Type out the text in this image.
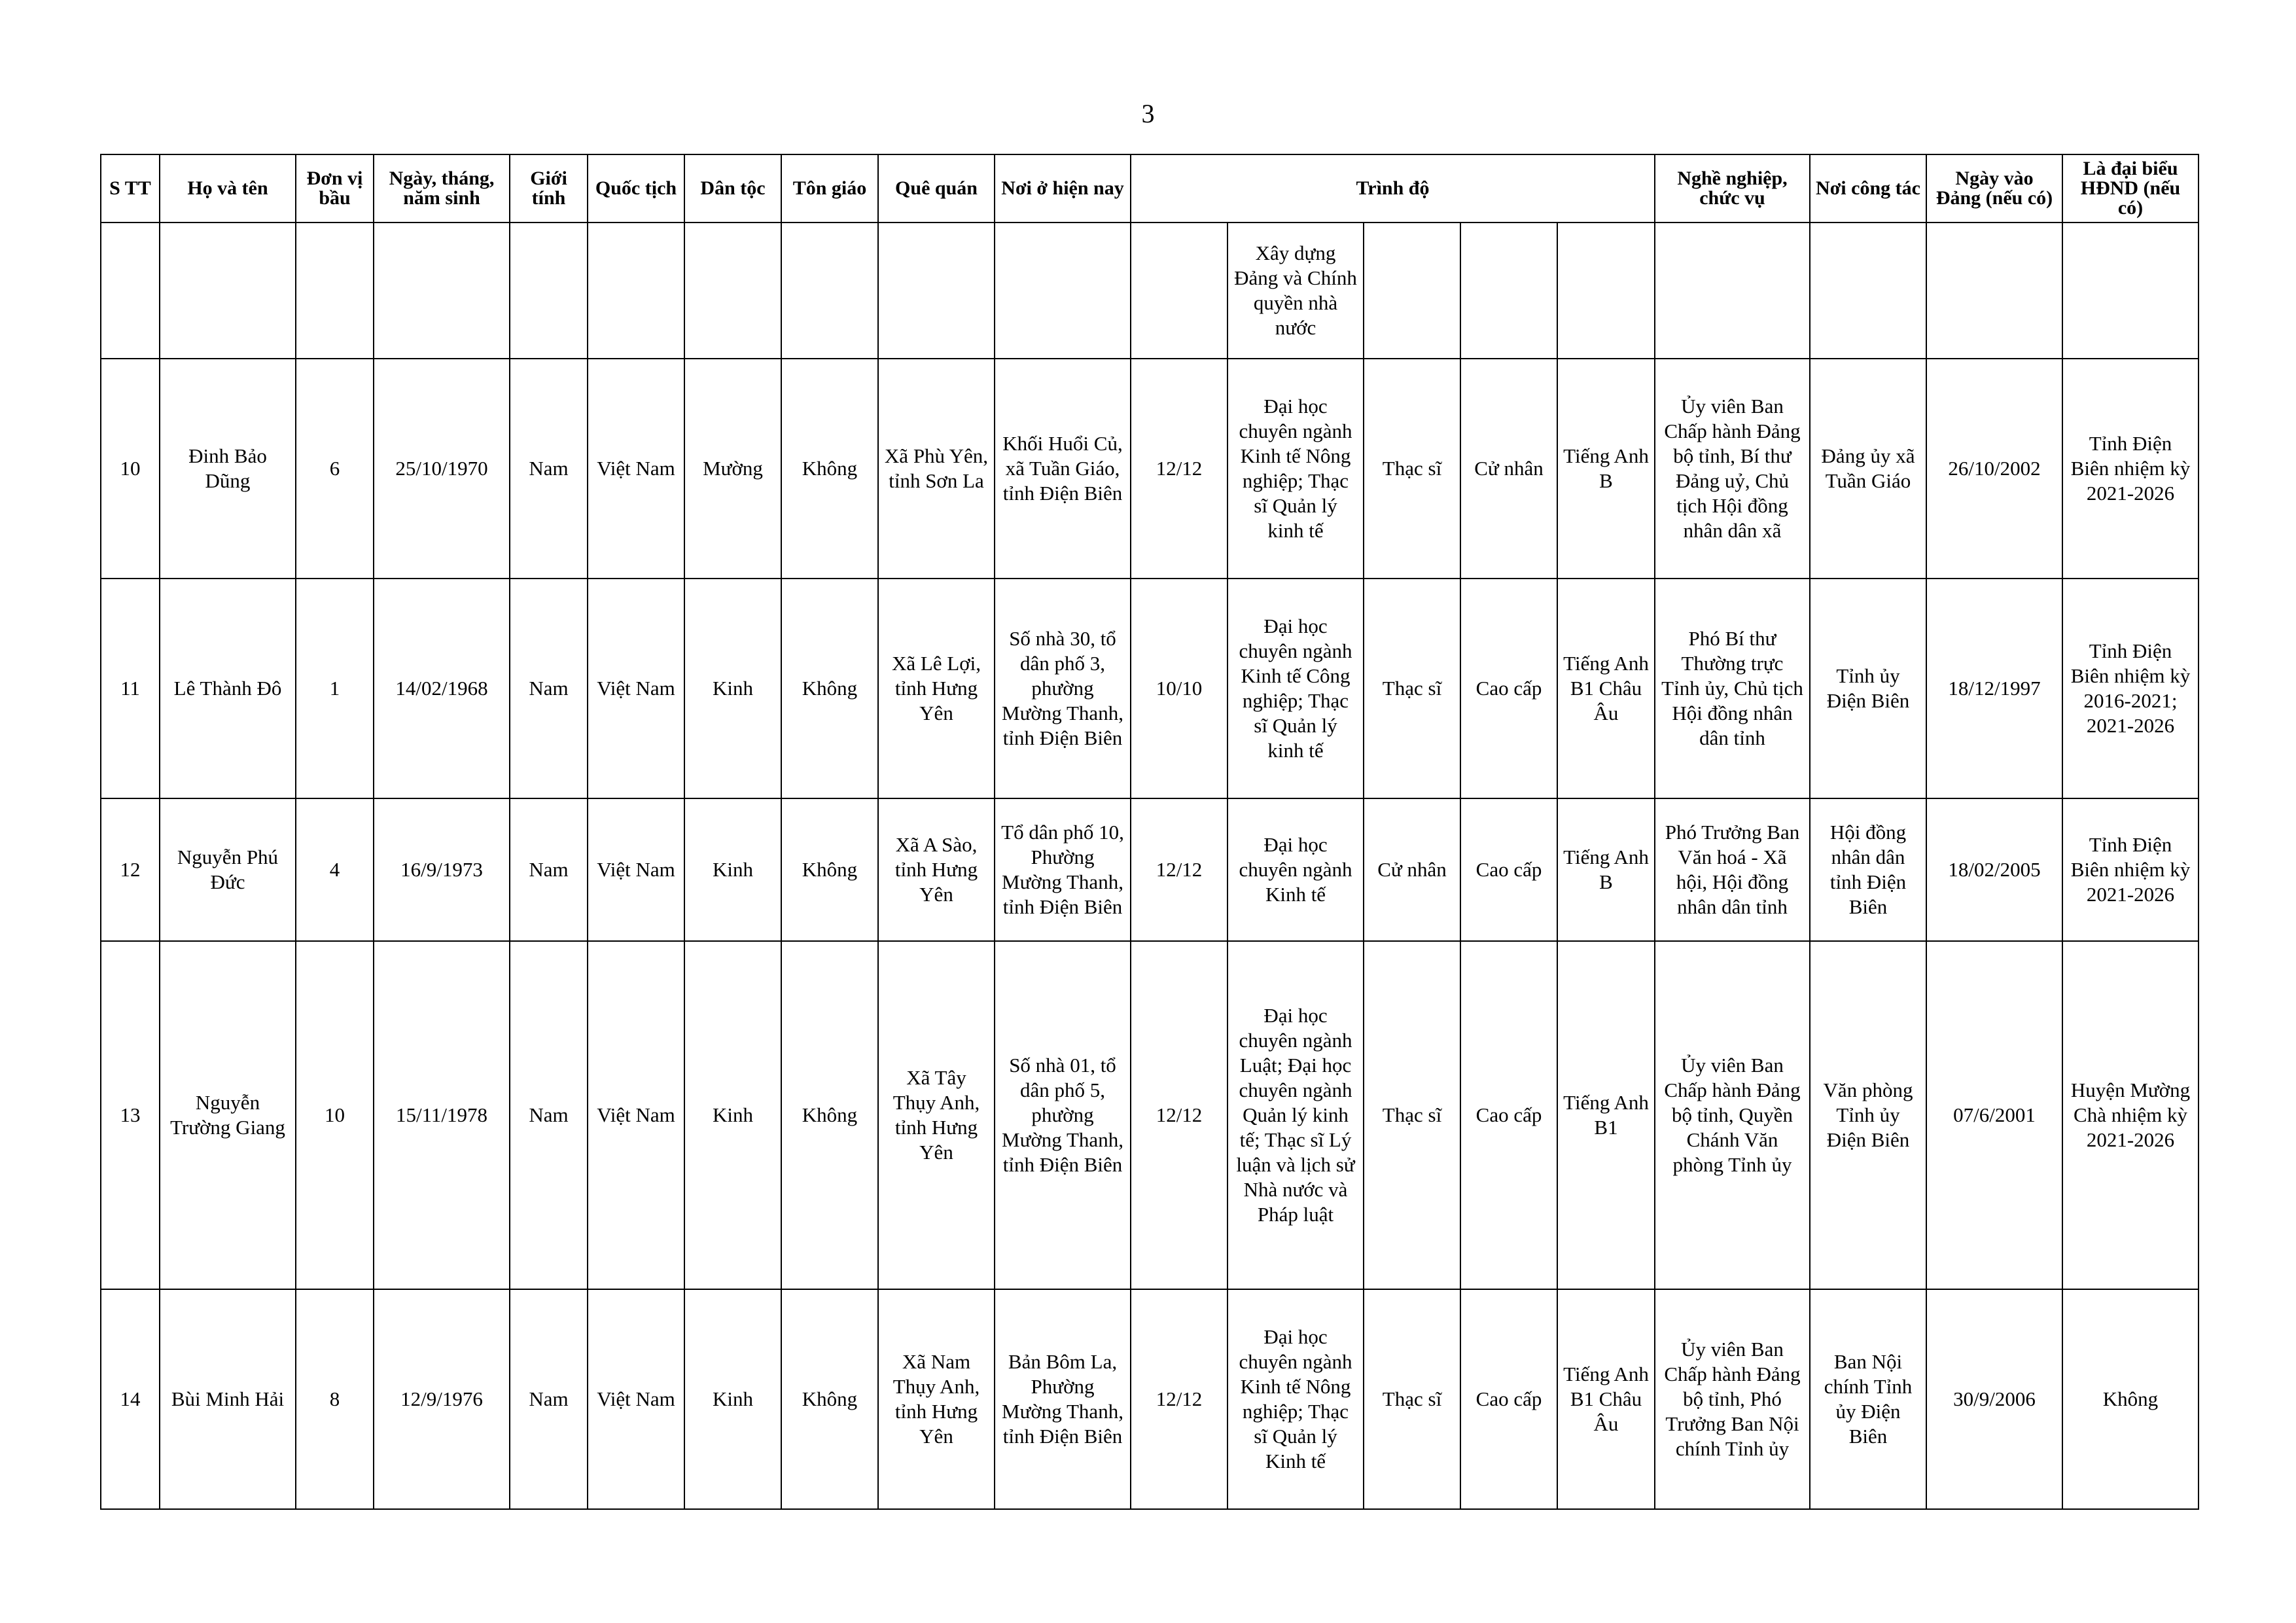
3
S TT	Họ và tên	Đơn vị bầu	Ngày, tháng, năm sinh	Giới tính	Quốc tịch	Dân tộc	Tôn giáo	Quê quán	Nơi ở hiện nay	Trình độ					Nghề nghiệp, chức vụ	Nơi công tác	Ngày vào Đảng (nếu có)	Là đại biểu HĐND (nếu có)
											Xây dựng Đảng và Chính quyền nhà nước							
10	Đinh Bảo Dũng	6	25/10/1970	Nam	Việt Nam	Mường	Không	Xã Phù Yên, tỉnh Sơn La	Khối Huổi Củ, xã Tuần Giáo, tỉnh Điện Biên	12/12	Đại học chuyên ngành Kinh tế Nông nghiệp; Thạc sĩ Quản lý kinh tế	Thạc sĩ	Cử nhân	Tiếng Anh B	Ủy viên Ban Chấp hành Đảng bộ tỉnh, Bí thư Đảng uỷ, Chủ tịch Hội đồng nhân dân xã	Đảng ủy xã Tuần Giáo	26/10/2002	Tỉnh Điện Biên nhiệm kỳ 2021-2026
11	Lê Thành Đô	1	14/02/1968	Nam	Việt Nam	Kinh	Không	Xã Lê Lợi, tỉnh Hưng Yên	Số nhà 30, tổ dân phố 3, phường Mường Thanh, tỉnh Điện Biên	10/10	Đại học chuyên ngành Kinh tế Công nghiệp; Thạc sĩ Quản lý kinh tế	Thạc sĩ	Cao cấp	Tiếng Anh B1 Châu Âu	Phó Bí thư Thường trực Tỉnh ủy, Chủ tịch Hội đồng nhân dân tỉnh	Tỉnh ủy Điện Biên	18/12/1997	Tỉnh Điện Biên nhiệm kỳ 2016-2021; 2021-2026
12	Nguyễn Phú Đức	4	16/9/1973	Nam	Việt Nam	Kinh	Không	Xã A Sào, tỉnh Hưng Yên	Tổ dân phố 10, Phường Mường Thanh, tỉnh Điện Biên	12/12	Đại học chuyên ngành Kinh tế	Cử nhân	Cao cấp	Tiếng Anh B	Phó Trưởng Ban Văn hoá - Xã hội, Hội đồng nhân dân tỉnh	Hội đồng nhân dân tỉnh Điện Biên	18/02/2005	Tỉnh Điện Biên nhiệm kỳ 2021-2026
13	Nguyễn Trường Giang	10	15/11/1978	Nam	Việt Nam	Kinh	Không	Xã Tây Thụy Anh, tỉnh Hưng Yên	Số nhà 01, tổ dân phố 5, phường Mường Thanh, tỉnh Điện Biên	12/12	Đại học chuyên ngành Luật; Đại học chuyên ngành Quản lý kinh tế; Thạc sĩ Lý luận và lịch sử Nhà nước và Pháp luật	Thạc sĩ	Cao cấp	Tiếng Anh B1	Ủy viên Ban Chấp hành Đảng bộ tỉnh, Quyền Chánh Văn phòng Tỉnh ủy	Văn phòng Tỉnh ủy Điện Biên	07/6/2001	Huyện Mường Chà nhiệm kỳ 2021-2026
14	Bùi Minh Hải	8	12/9/1976	Nam	Việt Nam	Kinh	Không	Xã Nam Thụy Anh, tỉnh Hưng Yên	Bản Bôm La, Phường Mường Thanh, tỉnh Điện Biên	12/12	Đại học chuyên ngành Kinh tế Nông nghiệp; Thạc sĩ Quản lý Kinh tế	Thạc sĩ	Cao cấp	Tiếng Anh B1 Châu Âu	Ủy viên Ban Chấp hành Đảng bộ tỉnh, Phó Trưởng Ban Nội chính Tỉnh ủy	Ban Nội chính Tỉnh ủy Điện Biên	30/9/2006	Không
